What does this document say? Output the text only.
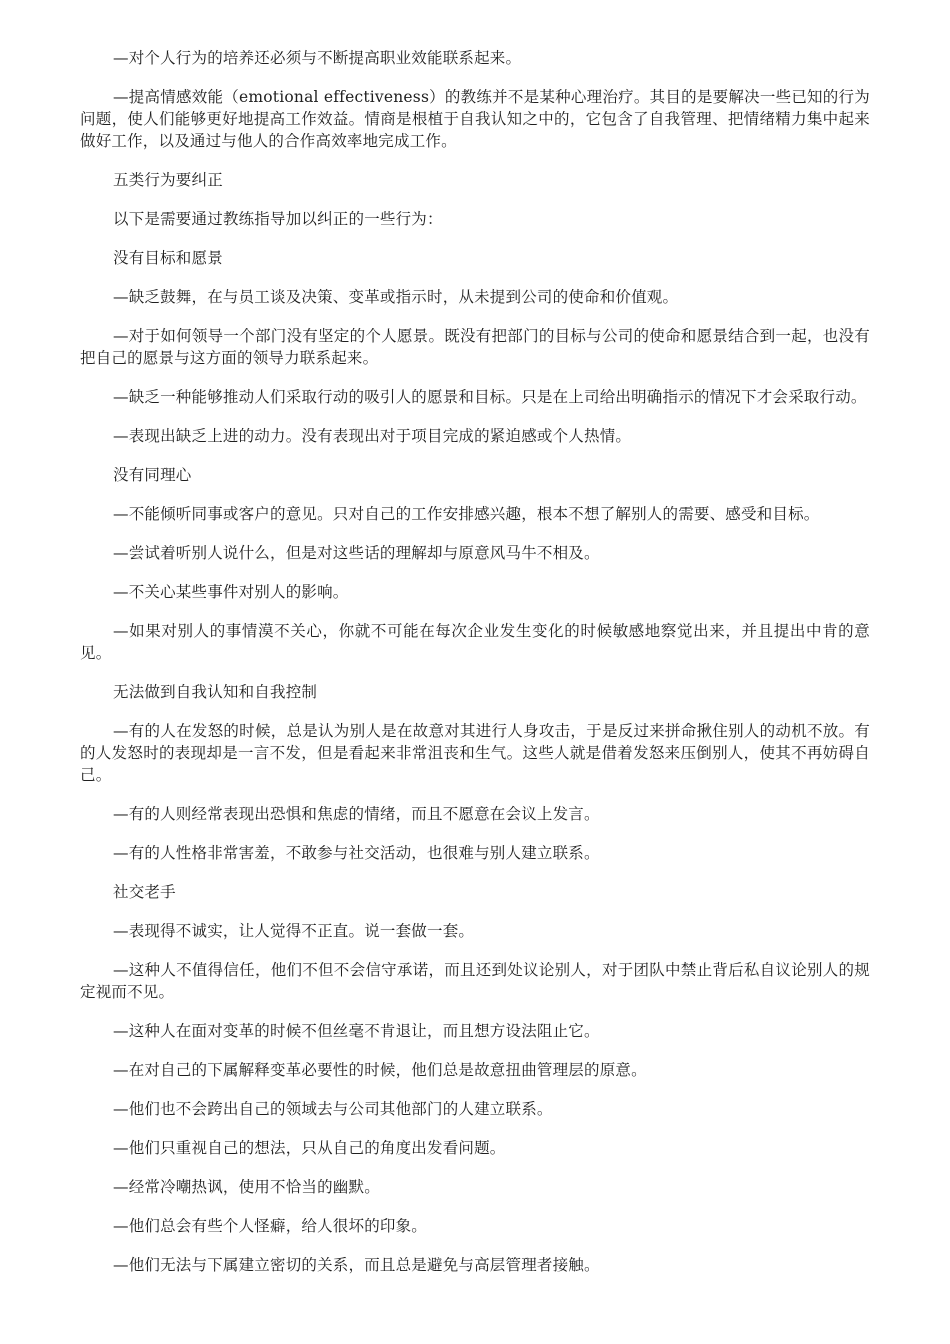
—对个人行为的培养还必须与不断提高职业效能联系起来。

—提高情感效能（emotional effectiveness）的教练并不是某种心理治疗。其目的是要解决一些已知的行为问题，使人们能够更好地提高工作效益。情商是根植于自我认知之中的，它包含了自我管理、把情绪精力集中起来做好工作，以及通过与他人的合作高效率地完成工作。

五类行为要纠正

以下是需要通过教练指导加以纠正的一些行为：

没有目标和愿景

—缺乏鼓舞，在与员工谈及决策、变革或指示时，从未提到公司的使命和价值观。

—对于如何领导一个部门没有坚定的个人愿景。既没有把部门的目标与公司的使命和愿景结合到一起，也没有把自己的愿景与这方面的领导力联系起来。

—缺乏一种能够推动人们采取行动的吸引人的愿景和目标。只是在上司给出明确指示的情况下才会采取行动。

—表现出缺乏上进的动力。没有表现出对于项目完成的紧迫感或个人热情。

没有同理心

—不能倾听同事或客户的意见。只对自己的工作安排感兴趣，根本不想了解别人的需要、感受和目标。

—尝试着听别人说什么，但是对这些话的理解却与原意风马牛不相及。

—不关心某些事件对别人的影响。

—如果对别人的事情漠不关心，你就不可能在每次企业发生变化的时候敏感地察觉出来，并且提出中肯的意见。

无法做到自我认知和自我控制

—有的人在发怒的时候，总是认为别人是在故意对其进行人身攻击，于是反过来拼命揪住别人的动机不放。有的人发怒时的表现却是一言不发，但是看起来非常沮丧和生气。这些人就是借着发怒来压倒别人，使其不再妨碍自己。

—有的人则经常表现出恐惧和焦虑的情绪，而且不愿意在会议上发言。

—有的人性格非常害羞，不敢参与社交活动，也很难与别人建立联系。

社交老手

—表现得不诚实，让人觉得不正直。说一套做一套。

—这种人不值得信任，他们不但不会信守承诺，而且还到处议论别人，对于团队中禁止背后私自议论别人的规定视而不见。

—这种人在面对变革的时候不但丝毫不肯退让，而且想方设法阻止它。

—在对自己的下属解释变革必要性的时候，他们总是故意扭曲管理层的原意。

—他们也不会跨出自己的领域去与公司其他部门的人建立联系。

—他们只重视自己的想法，只从自己的角度出发看问题。

—经常冷嘲热讽，使用不恰当的幽默。

—他们总会有些个人怪癖，给人很坏的印象。

—他们无法与下属建立密切的关系，而且总是避免与高层管理者接触。
